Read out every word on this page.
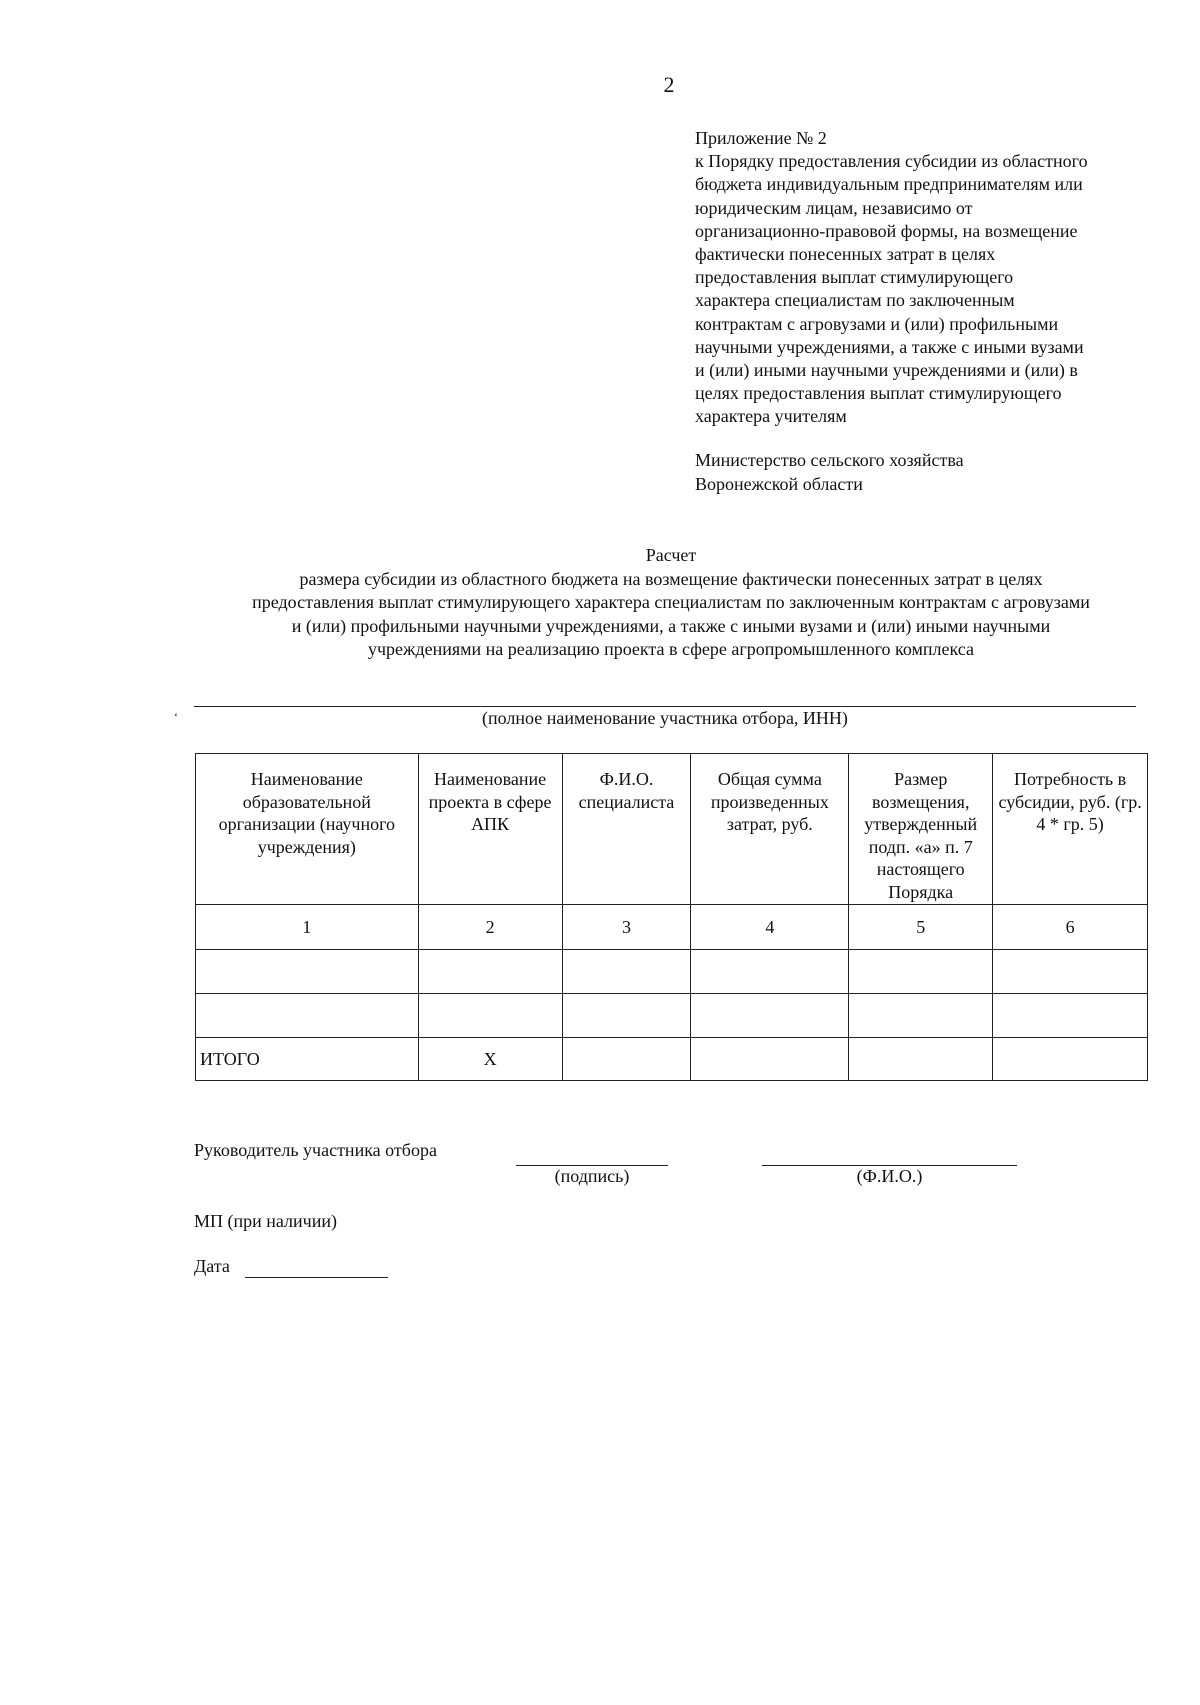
2

Приложение № 2

к Порядку предоставления субсидии из областного

бюджета индивидуальным предпринимателям или

юридическим лицам, независимо от

организационно-правовой формы, на возмещение

фактически понесенных затрат в целях

предоставления выплат стимулирующего

характера специалистам по заключенным

контрактам с агровузами и (или) профильными

научными учреждениями, а также с иными вузами

и (или) иными научными учреждениями и (или) в

целях предоставления выплат стимулирующего

характера учителям

Министерство сельского хозяйства

Воронежской области

Расчет

размера субсидии из областного бюджета на возмещение фактически понесенных затрат в целях

предоставления выплат стимулирующего характера специалистам по заключенным контрактам с агровузами

и (или) профильными научными учреждениями, а также с иными вузами и (или) иными научными

учреждениями на реализацию проекта в сфере агропромышленного комплекса

‘	(полное наименование участника отбора, ИНН)
Наименование образовательной организации (научного учреждения)	Наименование проекта в сфере АПК	Ф.И.О. специалиста	Общая сумма произведенных затрат, руб.	Размер возмещения, утвержденный подп. «а» п. 7 настоящего Порядка	Потребность в субсидии, руб. (гр. 4 * гр. 5)
1	2	3	4	5	6

ИТОГО	X				
Руководитель участника отбора
(подпись)	(Ф.И.О.)
МП (при наличии)
Дата
